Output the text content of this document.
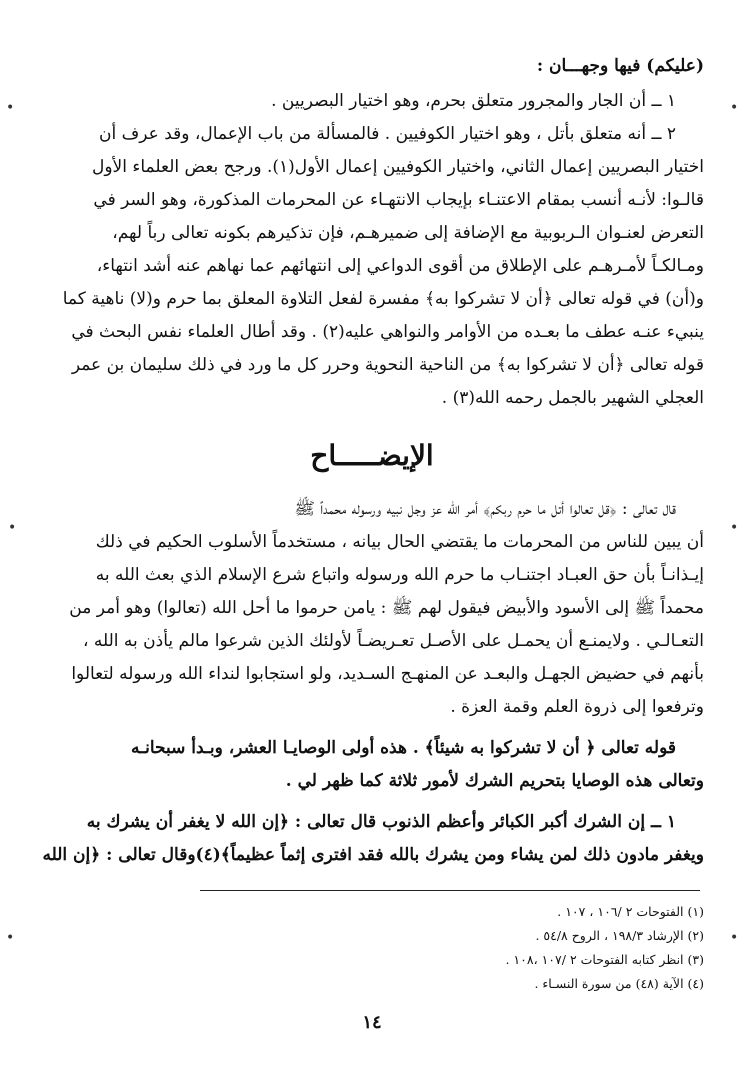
(عليكم) فيها وجهـــان :

١ ــ أن الجار والمجرور متعلق بحرم، وهو اختيار البصريين .

٢ ــ أنه متعلق بأتل ، وهو اختيار الكوفيين . فالمسألة من باب الإعمال، وقد عرف أن

اختيار البصريين إعمال الثاني، واختيار الكوفيين إعمال الأول(١). ورجح بعض العلماء الأول

قالـوا: لأنـه أنسب بمقام الاعتنـاء بإيجاب الانتهـاء عن المحرمات المذكورة، وهو السر في

التعرض لعنـوان الـربوبية مع الإضافة إلى ضميرهـم، فإن تذكيرهم بكونه تعالى رباً لهم،

ومـالكـاً لأمـرهـم على الإطلاق من أقوى الدواعي إلى انتهائهم عما نهاهم عنه أشد انتهاء،

و(أن) في قوله تعالى ﴿أن لا تشركوا به﴾ مفسرة لفعل التلاوة المعلق بما حرم و(لا) ناهية كما

ينبيء عنـه عطف ما بعـده من الأوامر والنواهي عليه(٢) . وقد أطال العلماء نفس البحث في

قوله تعالى ﴿أن لا تشركوا به﴾ من الناحية النحوية وحرر كل ما ورد في ذلك سليمان بن عمر

العجلي الشهير بالجمل رحمه الله(٣) .

الإيضـــــاح

قال تعالى : ﴿قل تعالوا أتل ما حرم ربكم﴾ أمر الله عز وجل نبيه ورسوله محمداً ﷺ

أن يبين للناس من المحرمات ما يقتضي الحال بيانه ، مستخدماً الأسلوب الحكيم في ذلك

إيـذانـاً بأن حق العبـاد اجتنـاب ما حرم الله ورسوله واتباع شرع الإسلام الذي بعث الله به

محمداً ﷺ إلى الأسود والأبيض فيقول لهم ﷺ : يامن حرموا ما أحل الله (تعالوا) وهو أمر من

التعـالـي . ولايمنـع أن يحمـل على الأصـل تعـريضـاً لأولئك الذين شرعوا مالم يأذن به الله ،

بأنهم في حضيض الجهـل والبعـد عن المنهـج السـديد، ولو استجابوا لنداء الله ورسوله لتعالوا

وترفعوا إلى ذروة العلم وقمة العزة .

قوله تعالى ﴿ أن لا تشركوا به شيئاً﴾ . هذه أولى الوصايـا العشر، وبـدأ سبحانـه

وتعالى هذه الوصايا بتحريم الشرك لأمور ثلاثة كما ظهر لي .

١ ــ إن الشرك أكبر الكبائر وأعظم الذنوب قال تعالى : ﴿إن الله لا يغفر أن يشرك به

ويغفر مادون ذلك لمن يشاء ومن يشرك بالله فقد افترى إثماً عظيماً﴾(٤)وقال تعالى : ﴿إن الله

(١) الفتوحات ٢ /١٠٦ ، ١٠٧ .

(٢) الإرشاد ١٩٨/٣ ، الروح ٥٤/٨ .

(٣) انظر كتابه الفتوحات ٢ /١٠٧ ،١٠٨ .

(٤) الآية (٤٨) من سورة النسـاء .

١٤
•
•
•
•
•
•
